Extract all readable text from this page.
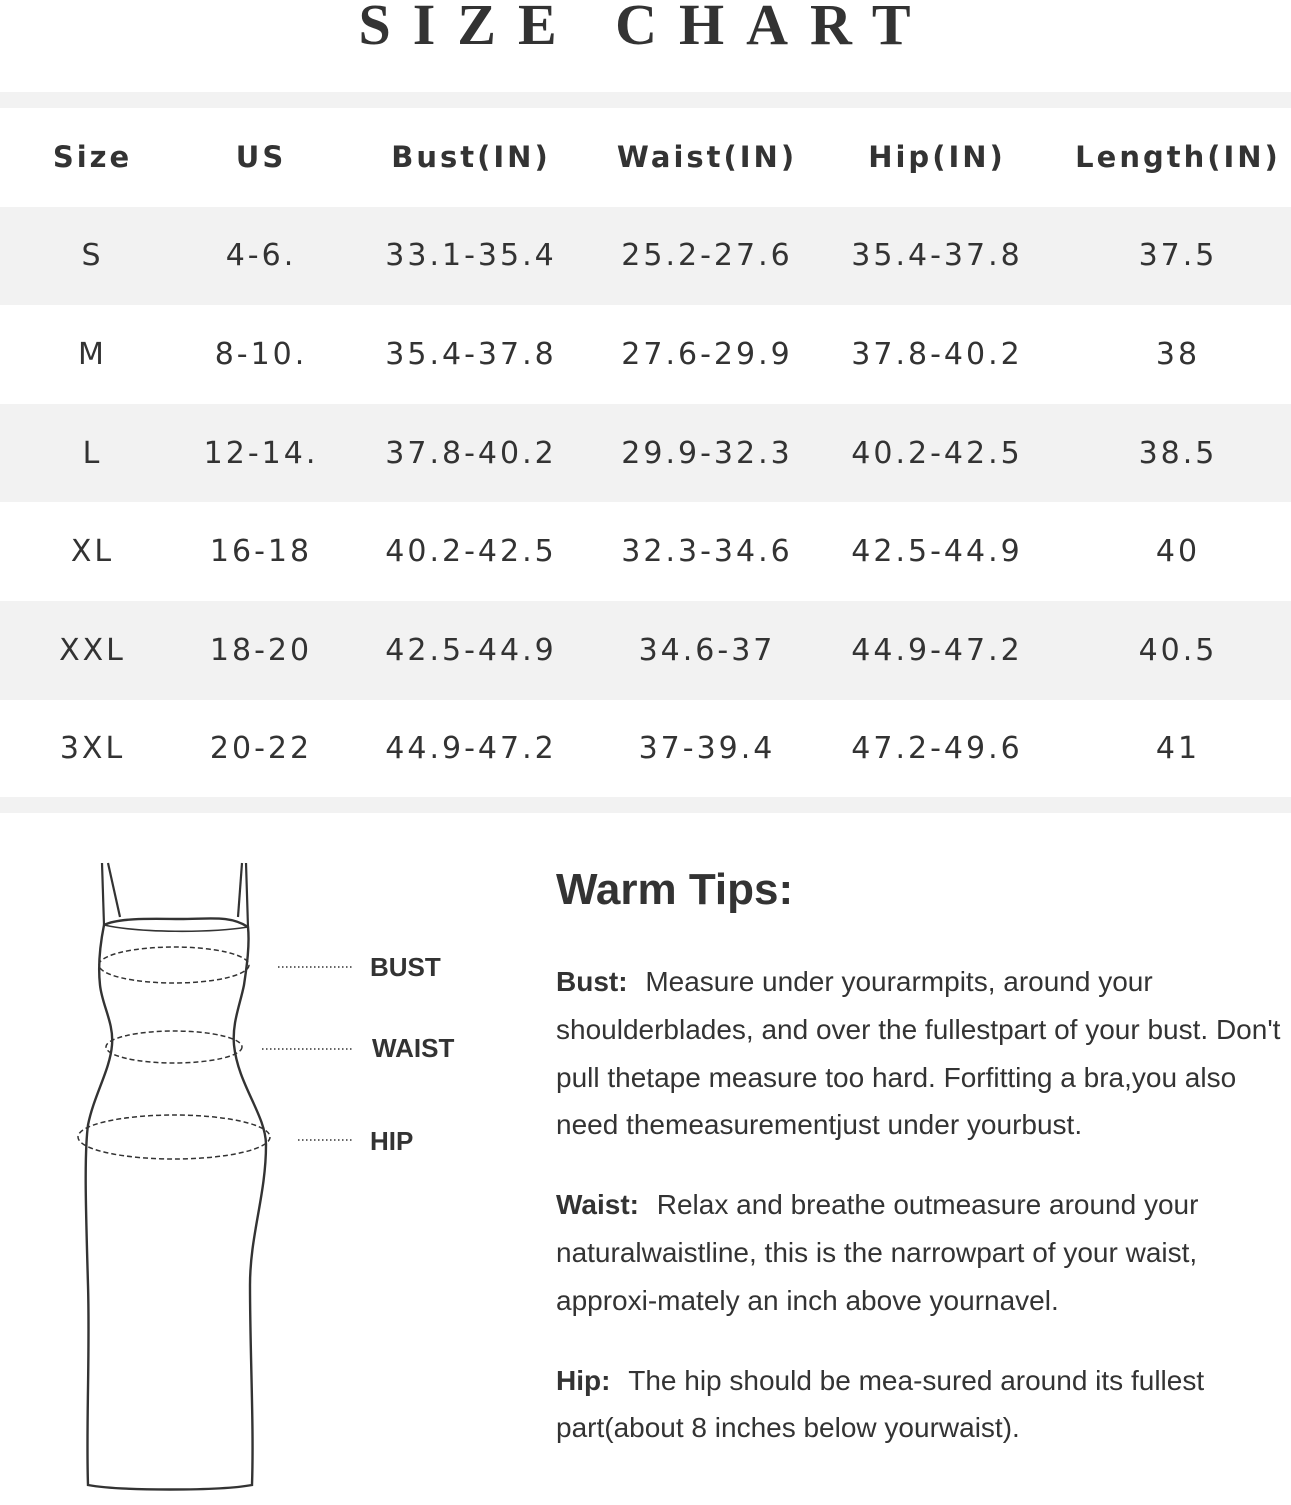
SIZE CHART
Size	US	Bust(IN)	Waist(IN)	Hip(IN)	Length(IN)
S	4-6.	33.1-35.4	25.2-27.6	35.4-37.8	37.5
M	8-10.	35.4-37.8	27.6-29.9	37.8-40.2	38
L	12-14.	37.8-40.2	29.9-32.3	40.2-42.5	38.5
XL	16-18	40.2-42.5	32.3-34.6	42.5-44.9	40
XXL	18-20	42.5-44.9	34.6-37	44.9-47.2	40.5
3XL	20-22	44.9-47.2	37-39.4	47.2-49.6	41
BUST
WAIST
HIP
Warm Tips:
Bust: Measure under yourarmpits, around your shoulderblades, and over the fullestpart of your bust. Don't pull thetape measure too hard. Forfitting a bra,you also need themeasurementjust under yourbust.
Waist: Relax and breathe outmeasure around your naturalwaistline, this is the narrowpart of your waist, approxi-mately an inch above yournavel.
Hip: The hip should be mea-sured around its fullest part(about 8 inches below yourwaist).
